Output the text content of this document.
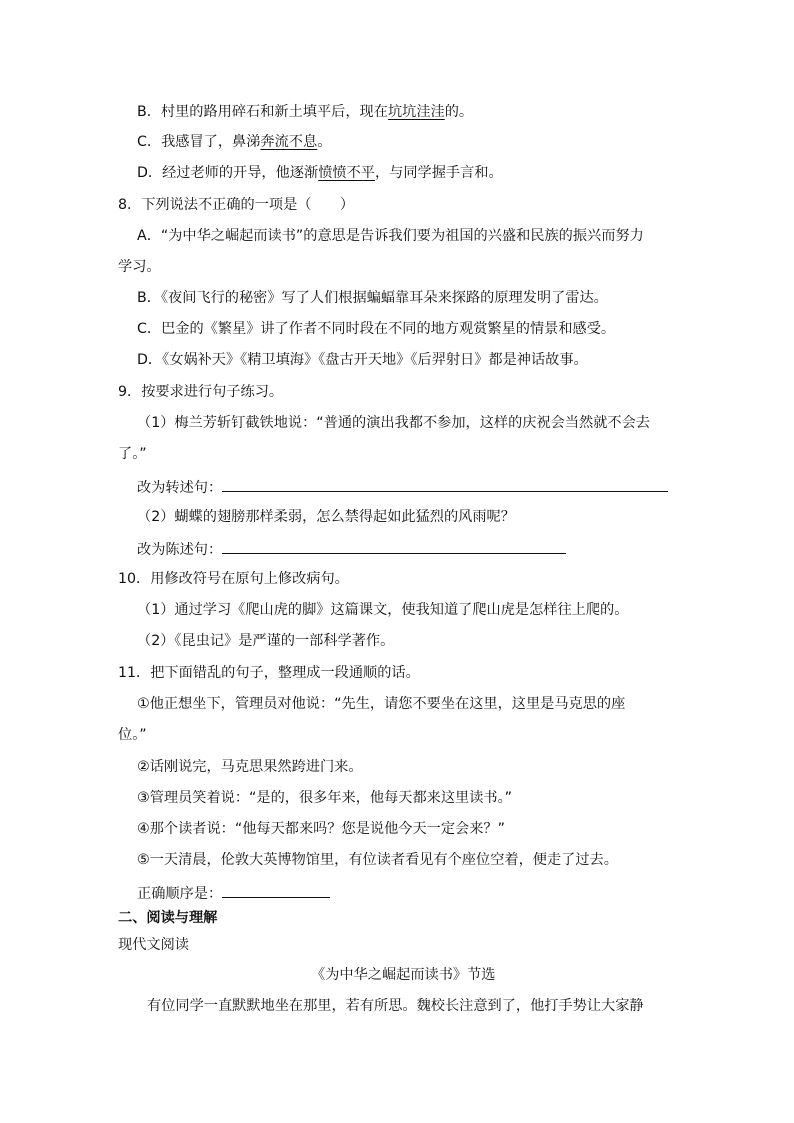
B．村里的路用碎石和新土填平后，现在坑坑洼洼的。
C．我感冒了，鼻涕奔流不息。
D．经过老师的开导，他逐渐愤愤不平，与同学握手言和。
8．下列说法不正确的一项是（　　）
A．“为中华之崛起而读书”的意思是告诉我们要为祖国的兴盛和民族的振兴而努力
学习。
B．《夜间飞行的秘密》写了人们根据蝙蝠靠耳朵来探路的原理发明了雷达。
C．巴金的《繁星》讲了作者不同时段在不同的地方观赏繁星的情景和感受。
D．《女娲补天》《精卫填海》《盘古开天地》《后羿射日》都是神话故事。
9．按要求进行句子练习。
（1）梅兰芳斩钉截铁地说：“普通的演出我都不参加，这样的庆祝会当然就不会去
了。”
改为转述句：
（2）蝴蝶的翅膀那样柔弱，怎么禁得起如此猛烈的风雨呢？
改为陈述句：
10．用修改符号在原句上修改病句。
（1）通过学习《爬山虎的脚》这篇课文，使我知道了爬山虎是怎样往上爬的。
（2）《昆虫记》是严谨的一部科学著作。
11．把下面错乱的句子，整理成一段通顺的话。
①他正想坐下，管理员对他说：“先生，请您不要坐在这里，这里是马克思的座
位。”
②话刚说完，马克思果然跨进门来。
③管理员笑着说：“是的，很多年来，他每天都来这里读书。”
④那个读者说：“他每天都来吗？您是说他今天一定会来？”
⑤一天清晨，伦敦大英博物馆里，有位读者看见有个座位空着，便走了过去。
正确顺序是：
二、阅读与理解
现代文阅读
《为中华之崛起而读书》节选
有位同学一直默默地坐在那里，若有所思。魏校长注意到了，他打手势让大家静
